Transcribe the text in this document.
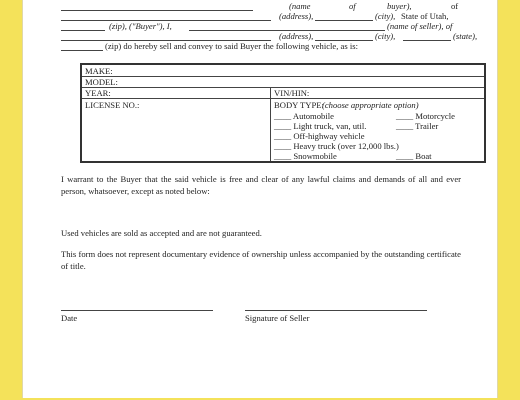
(name	of	buyer),	of
(address),	(city), State of Utah,
(zip), ("Buyer"), I,	(name of seller), of
(address),	(city),	(state),
(zip) do hereby sell and convey to said Buyer the following vehicle, as is:
MAKE:
MODEL:
YEAR:	VIN/HIN:
LICENSE NO.:	BODY TYPE:
(choose appropriate option)
____ Automobile
____ Light truck, van, util.
____ Off-highway vehicle
____ Heavy truck (over 12,000 lbs.)
____ Snowmobile
____ Motorcycle
____ Trailer
____ Boat
I warrant to the Buyer that the said vehicle is free and clear of any lawful claims and demands of all and ever person, whatsoever, except as noted below:
Used vehicles are sold as accepted and are not guaranteed.
This form does not represent documentary evidence of ownership unless accompanied by the outstanding certificate of title.
Date	Signature of Seller
